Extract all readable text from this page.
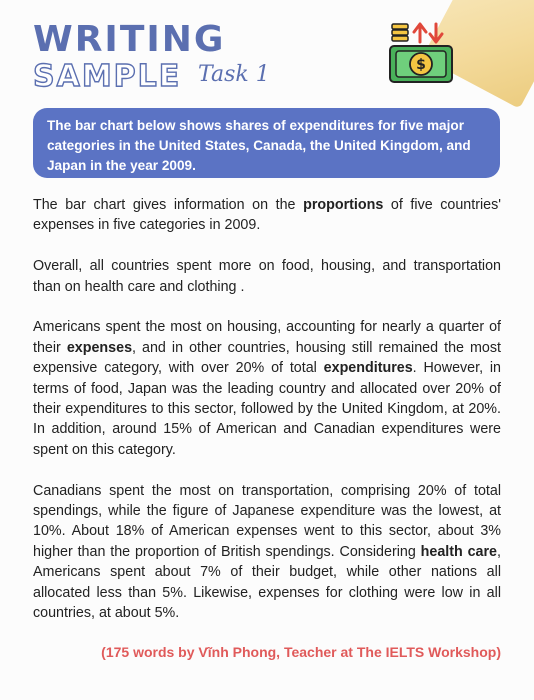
WRITING
SAMPLE Task 1	$
The bar chart below shows shares of expenditures for five major categories in the United States, Canada, the United Kingdom, and Japan in the year 2009.

The bar chart gives information on the proportions of five countries' expenses in five categories in 2009.

Overall, all countries spent more on food, housing, and transportation than on health care and clothing .

Americans spent the most on housing, accounting for nearly a quarter of their expenses, and in other countries, housing still remained the most expensive category, with over 20% of total expenditures. However, in terms of food, Japan was the leading country and allocated over 20% of their expenditures to this sector, followed by the United Kingdom, at 20%. In addition, around 15% of American and Canadian expenditures were spent on this category.

Canadians spent the most on transportation, comprising 20% of total spendings, while the figure of Japanese expenditure was the lowest, at 10%. About 18% of American expenses went to this sector, about 3% higher than the proportion of British spendings. Considering health care, Americans spent about 7% of their budget, while other nations all allocated less than 5%. Likewise, expenses for clothing were low in all countries, at about 5%.

(175 words by Vĩnh Phong, Teacher at The IELTS Workshop)
